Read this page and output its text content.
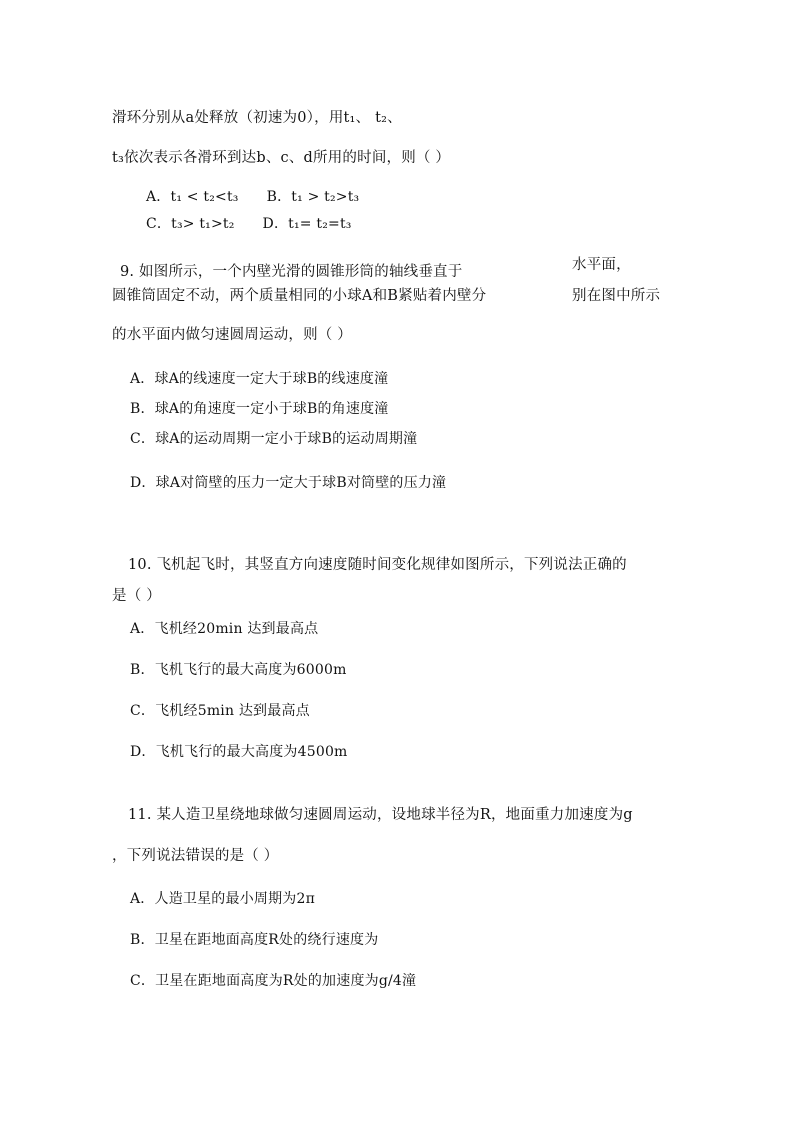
滑环分别从a处释放（初速为0），用t₁、 t₂、
t₃依次表示各滑环到达b、c、d所用的时间，则（ ）
A．t₁ < t₂<t₃ B．t₁ > t₂>t₃
C．t₃> t₁>t₂ D．t₁= t₂=t₃
9. 如图所示，一个内壁光滑的圆锥形筒的轴线垂直于	水平面，
圆锥筒固定不动，两个质量相同的小球A和B紧贴着内壁分	别在图中所示
的水平面内做匀速圆周运动，则（ ）
A．球A的线速度一定大于球B的线速度潼
B．球A的角速度一定小于球B的角速度潼
C．球A的运动周期一定小于球B的运动周期潼
D．球A对筒壁的压力一定大于球B对筒壁的压力潼
10. 飞机起飞时，其竖直方向速度随时间变化规律如图所示，下列说法正确的
是（ ）
A．飞机经20min 达到最高点
B．飞机飞行的最大高度为6000m
C．飞机经5min 达到最高点
D．飞机飞行的最大高度为4500m
11. 某人造卫星绕地球做匀速圆周运动，设地球半径为R，地面重力加速度为g
，下列说法错误的是（ ）
A．人造卫星的最小周期为2π
B．卫星在距地面高度R处的绕行速度为
C．卫星在距地面高度为R处的加速度为g/4潼
